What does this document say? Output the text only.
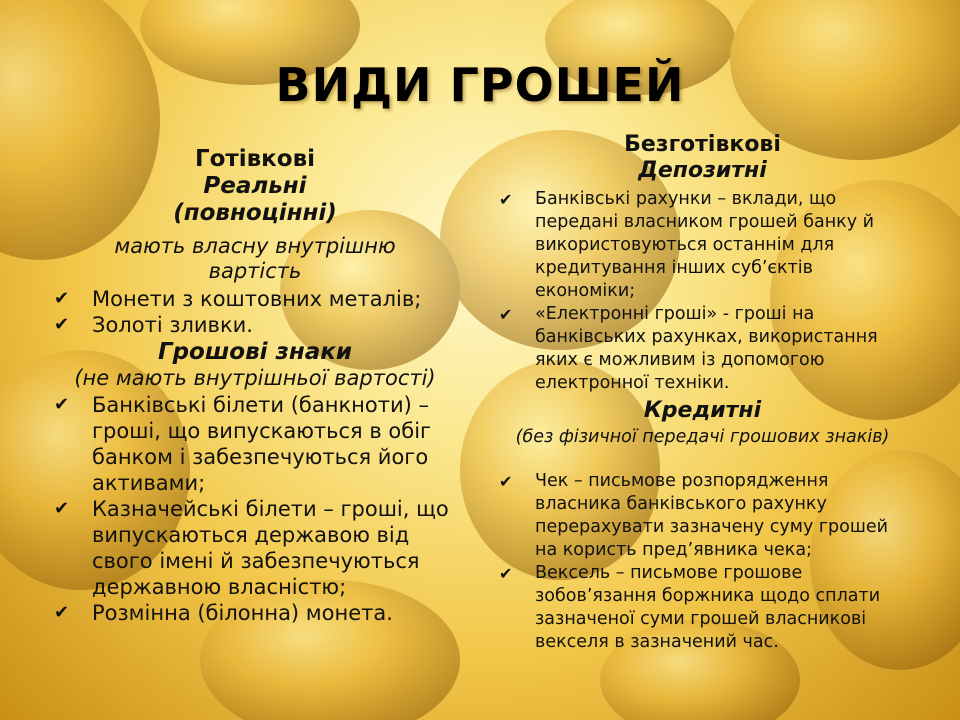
ВИДИ ГРОШЕЙ

Готівкові

Реальні

(повноцінні)

мають власну внутрішню вартість

✔ Монети з коштовних металів;
✔ Золоті зливки.

Грошові знаки

(не мають внутрішньої вартості)

✔ Банківські білети (банкноти) – гроші, що випускаються в обіг банком і забезпечуються його активами;
✔ Казначейські білети – гроші, що випускаються державою від свого імені й забезпечуються державною власністю;
✔ Розмінна (білонна) монета.

Безготівкові

Депозитні

✔ Банківські рахунки – вклади, що передані власником грошей банку й використовуються останнім для кредитування інших суб’єктів економіки;
✔ «Електронні гроші» - гроші на банківських рахунках, використання яких є можливим із допомогою електронної техніки.

Кредитні

(без фізичної передачі грошових знаків)

✔ Чек – письмове розпорядження власника банківського рахунку перерахувати зазначену суму грошей на користь пред’явника чека;
✔ Вексель – письмове грошове зобов’язання боржника щодо сплати зазначеної суми грошей власникові векселя в зазначений час.
